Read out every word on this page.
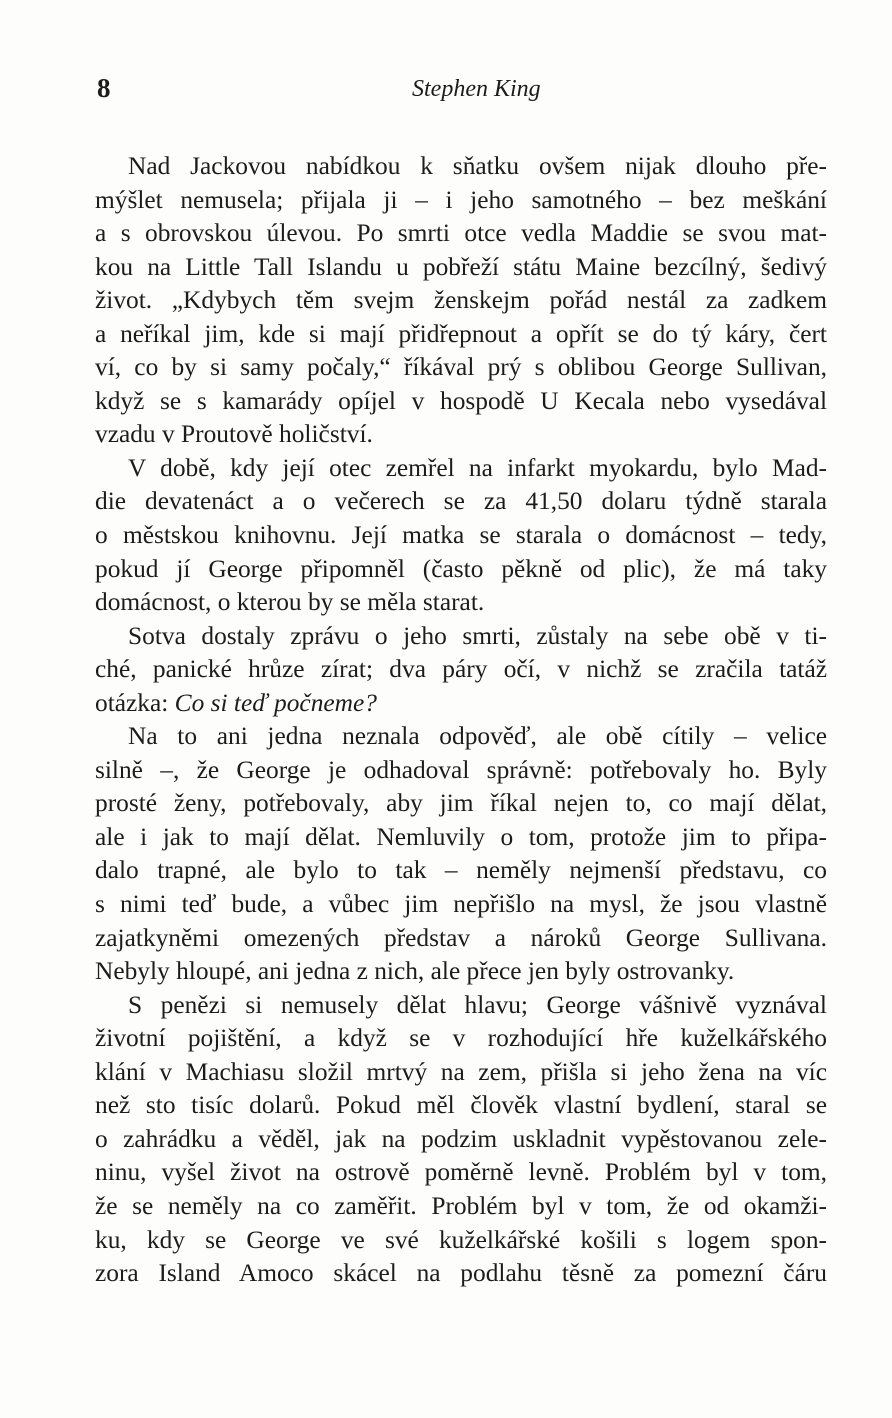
8	Stephen King
Nad Jackovou nabídkou k sňatku ovšem nijak dlouho pře-
mýšlet nemusela; přijala ji – i jeho samotného – bez meškání
a s obrovskou úlevou. Po smrti otce vedla Maddie se svou mat-
kou na Little Tall Islandu u pobřeží státu Maine bezcílný, šedivý
život. „Kdybych těm svejm ženskejm pořád nestál za zadkem
a neříkal jim, kde si mají přidřepnout a opřít se do tý káry, čert
ví, co by si samy počaly,“ říkával prý s oblibou George Sullivan,
když se s kamarády opíjel v hospodě U Kecala nebo vysedával
vzadu v Proutově holičství.
V době, kdy její otec zemřel na infarkt myokardu, bylo Mad-
die devatenáct a o večerech se za 41,50 dolaru týdně starala
o městskou knihovnu. Její matka se starala o domácnost – tedy,
pokud jí George připomněl (často pěkně od plic), že má taky
domácnost, o kterou by se měla starat.
Sotva dostaly zprávu o jeho smrti, zůstaly na sebe obě v ti-
ché, panické hrůze zírat; dva páry očí, v nichž se zračila tatáž
otázka: Co si teď počneme?
Na to ani jedna neznala odpověď, ale obě cítily – velice
silně –, že George je odhadoval správně: potřebovaly ho. Byly
prosté ženy, potřebovaly, aby jim říkal nejen to, co mají dělat,
ale i jak to mají dělat. Nemluvily o tom, protože jim to připa-
dalo trapné, ale bylo to tak – neměly nejmenší představu, co
s nimi teď bude, a vůbec jim nepřišlo na mysl, že jsou vlastně
zajatkyněmi omezených představ a nároků George Sullivana.
Nebyly hloupé, ani jedna z nich, ale přece jen byly ostrovanky.
S penězi si nemusely dělat hlavu; George vášnivě vyznával
životní pojištění, a když se v rozhodující hře kuželkářského
klání v Machiasu složil mrtvý na zem, přišla si jeho žena na víc
než sto tisíc dolarů. Pokud měl člověk vlastní bydlení, staral se
o zahrádku a věděl, jak na podzim uskladnit vypěstovanou zele-
ninu, vyšel život na ostrově poměrně levně. Problém byl v tom,
že se neměly na co zaměřit. Problém byl v tom, že od okamži-
ku, kdy se George ve své kuželkářské košili s logem spon-
zora Island Amoco skácel na podlahu těsně za pomezní čáru
